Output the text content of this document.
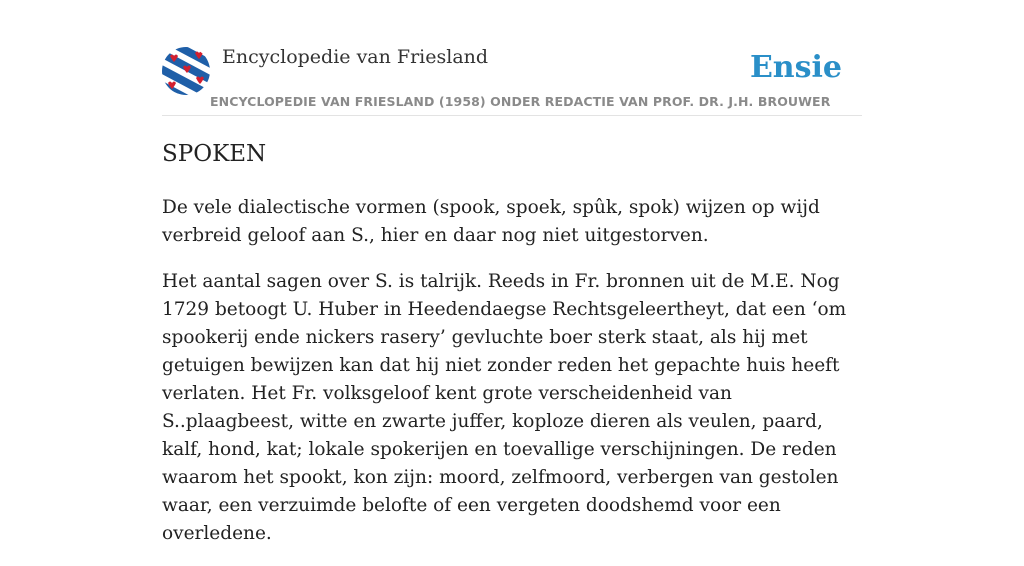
Encyclopedie van Friesland
ENCYCLOPEDIE VAN FRIESLAND (1958) ONDER REDACTIE VAN PROF. DR. J.H. BROUWER
Ensie
SPOKEN

De vele dialectische vormen (spook, spoek, spûk, spok) wijzen op wijd verbreid geloof aan S., hier en daar nog niet uitgestorven.

Het aantal sagen over S. is talrijk. Reeds in Fr. bronnen uit de M.E. Nog 1729 betoogt U. Huber in Heedendaegse Rechtsgeleertheyt, dat een ‘om spookerij ende nickers rasery’ gevluchte boer sterk staat, als hij met getuigen bewijzen kan dat hij niet zonder reden het gepachte huis heeft verlaten. Het Fr. volksgeloof kent grote verscheidenheid van S..plaagbeest, witte en zwarte juffer, koploze dieren als veulen, paard, kalf, hond, kat; lokale spokerijen en toevallige verschijningen. De reden waarom het spookt, kon zijn: moord, zelfmoord, verbergen van gestolen waar, een verzuimde belofte of een vergeten doodshemd voor een overledene.
